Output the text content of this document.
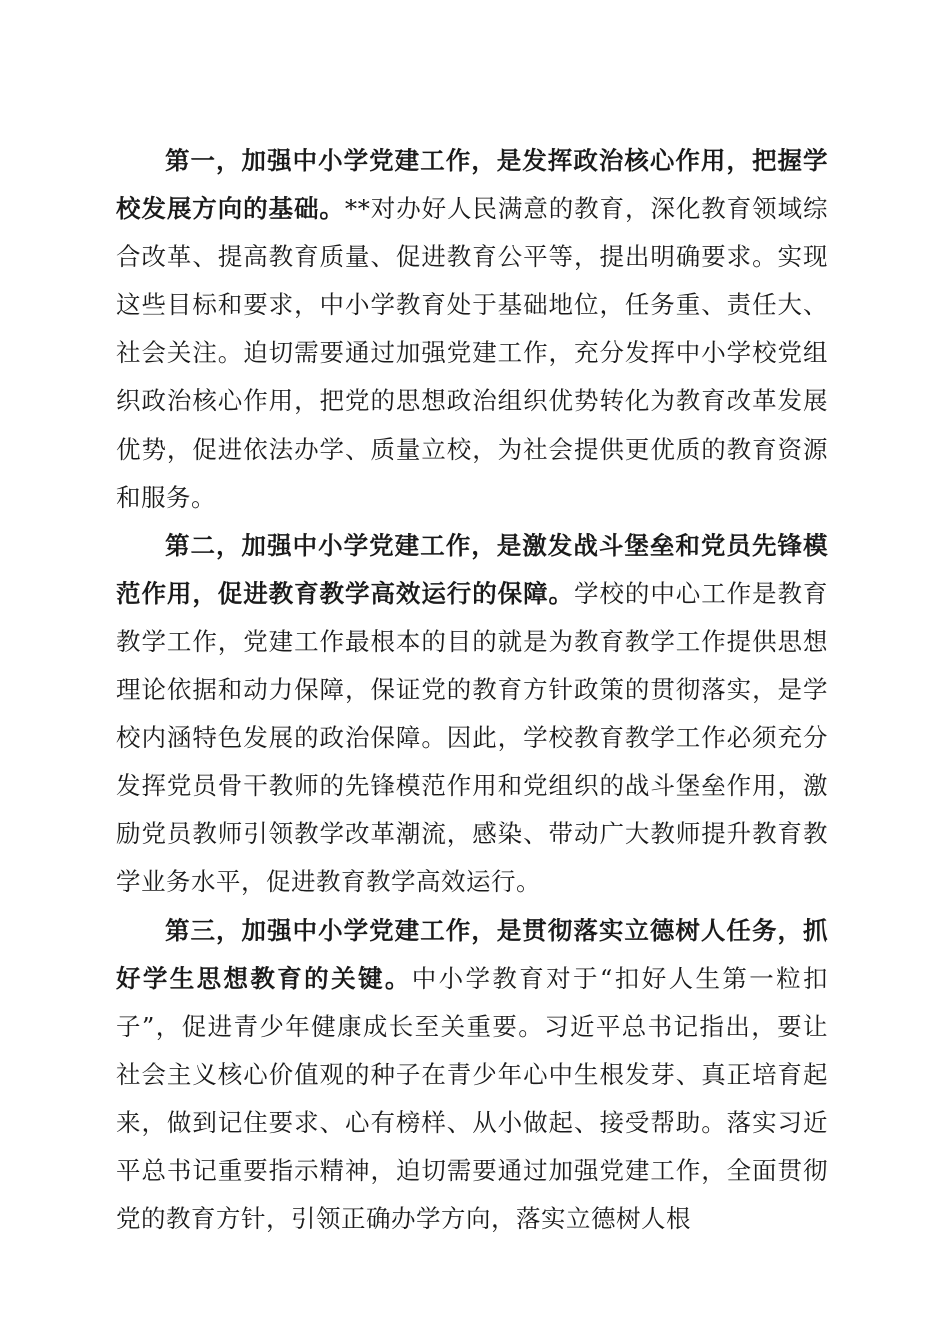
第一，加强中小学党建工作，是发挥政治核心作用，把握学校发展方向的基础。**对办好人民满意的教育，深化教育领域综合改革、提高教育质量、促进教育公平等，提出明确要求。实现这些目标和要求，中小学教育处于基础地位，任务重、责任大、社会关注。迫切需要通过加强党建工作，充分发挥中小学校党组织政治核心作用，把党的思想政治组织优势转化为教育改革发展优势，促进依法办学、质量立校，为社会提供更优质的教育资源和服务。

第二，加强中小学党建工作，是激发战斗堡垒和党员先锋模范作用，促进教育教学高效运行的保障。学校的中心工作是教育教学工作，党建工作最根本的目的就是为教育教学工作提供思想理论依据和动力保障，保证党的教育方针政策的贯彻落实，是学校内涵特色发展的政治保障。因此，学校教育教学工作必须充分发挥党员骨干教师的先锋模范作用和党组织的战斗堡垒作用，激励党员教师引领教学改革潮流，感染、带动广大教师提升教育教学业务水平，促进教育教学高效运行。

第三，加强中小学党建工作，是贯彻落实立德树人任务，抓好学生思想教育的关键。中小学教育对于“扣好人生第一粒扣子”，促进青少年健康成长至关重要。习近平总书记指出，要让社会主义核心价值观的种子在青少年心中生根发芽、真正培育起来，做到记住要求、心有榜样、从小做起、接受帮助。落实习近平总书记重要指示精神，迫切需要通过加强党建工作，全面贯彻党的教育方针，引领正确办学方向，落实立德树人根
